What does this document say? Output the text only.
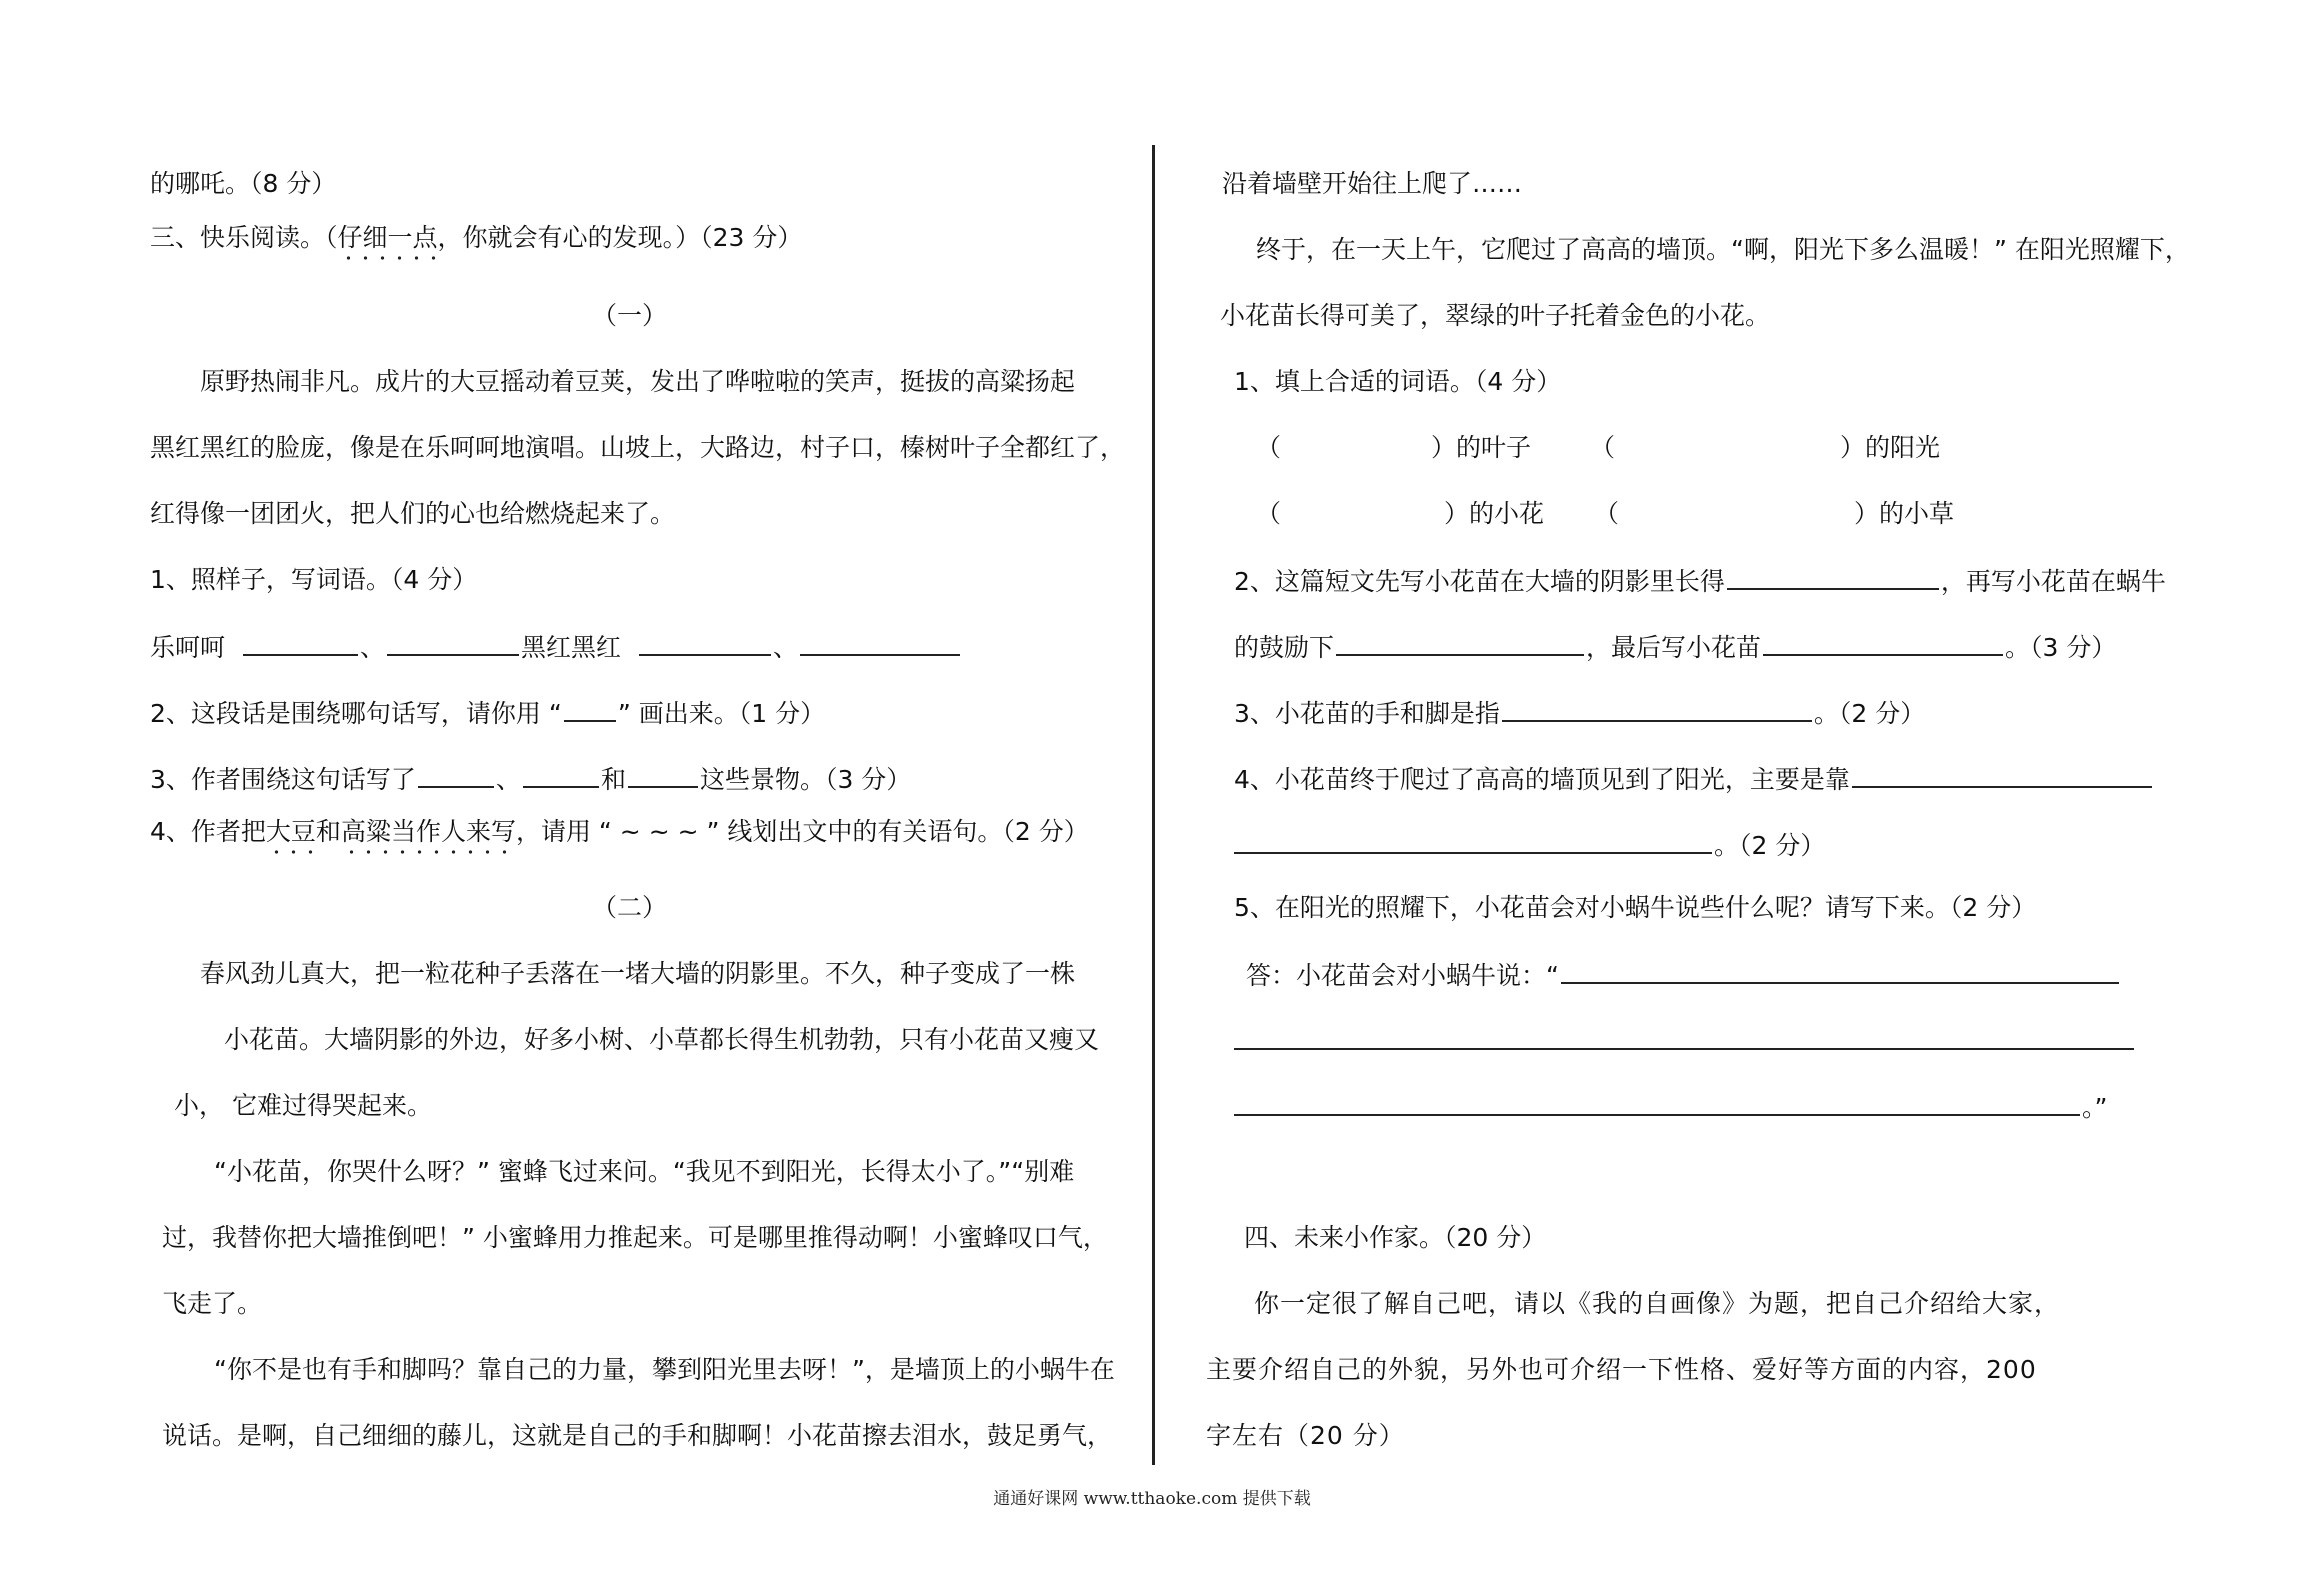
的哪吒。（8 分）
三、快乐阅读。（仔细一点，你就会有心的发现。）（23 分）
（一）
原野热闹非凡。成片的大豆摇动着豆荚，发出了哗啦啦的笑声，挺拔的高粱扬起
黑红黑红的脸庞，像是在乐呵呵地演唱。山坡上，大路边，村子口，榛树叶子全都红了，
红得像一团团火，把人们的心也给燃烧起来了。
1、照样子，写词语。（4 分）
乐呵呵	、	黑红黑红	、
2、这段话是围绕哪句话写，请你用 “ ” 画出来。（1 分）
3、作者围绕这句话写了	、	和	这些景物。（3 分）
4、作者把大豆和高粱当作人来写，请用 “ ~ ~ ~ ” 线划出文中的有关语句。（2 分）
（二）
春风劲儿真大，把一粒花种子丢落在一堵大墙的阴影里。不久，种子变成了一株
小花苗。大墙阴影的外边，好多小树、小草都长得生机勃勃，只有小花苗又瘦又
小， 它难过得哭起来。
“小花苗，你哭什么呀？” 蜜蜂飞过来问。“我见不到阳光，长得太小了。”“别难
过，我替你把大墙推倒吧！” 小蜜蜂用力推起来。可是哪里推得动啊！小蜜蜂叹口气，
飞走了。
“你不是也有手和脚吗？靠自己的力量，攀到阳光里去呀！”，是墙顶上的小蜗牛在
说话。是啊，自己细细的藤儿，这就是自己的手和脚啊！小花苗擦去泪水，鼓足勇气，
沿着墙壁开始往上爬了……
终于，在一天上午，它爬过了高高的墙顶。“啊，阳光下多么温暖！” 在阳光照耀下，
小花苗长得可美了，翠绿的叶子托着金色的小花。
1、填上合适的词语。（4 分）
（	）的叶子 （	）的阳光
（	）的小花 （	）的小草
2、这篇短文先写小花苗在大墙的阴影里长得	，再写小花苗在蜗牛
的鼓励下	，最后写小花苗	。（3 分）
3、小花苗的手和脚是指	。（2 分）
4、小花苗终于爬过了高高的墙顶见到了阳光，主要是靠
。（2 分）
5、在阳光的照耀下，小花苗会对小蜗牛说些什么呢？请写下来。（2 分）
答：小花苗会对小蜗牛说：“
。”
四、未来小作家。（20 分）
你一定很了解自己吧，请以《我的自画像》为题，把自己介绍给大家，
主要介绍自己的外貌，另外也可介绍一下性格、爱好等方面的内容，200
字左右（20 分）
通通好课网 www.tthaoke.com 提供下载
